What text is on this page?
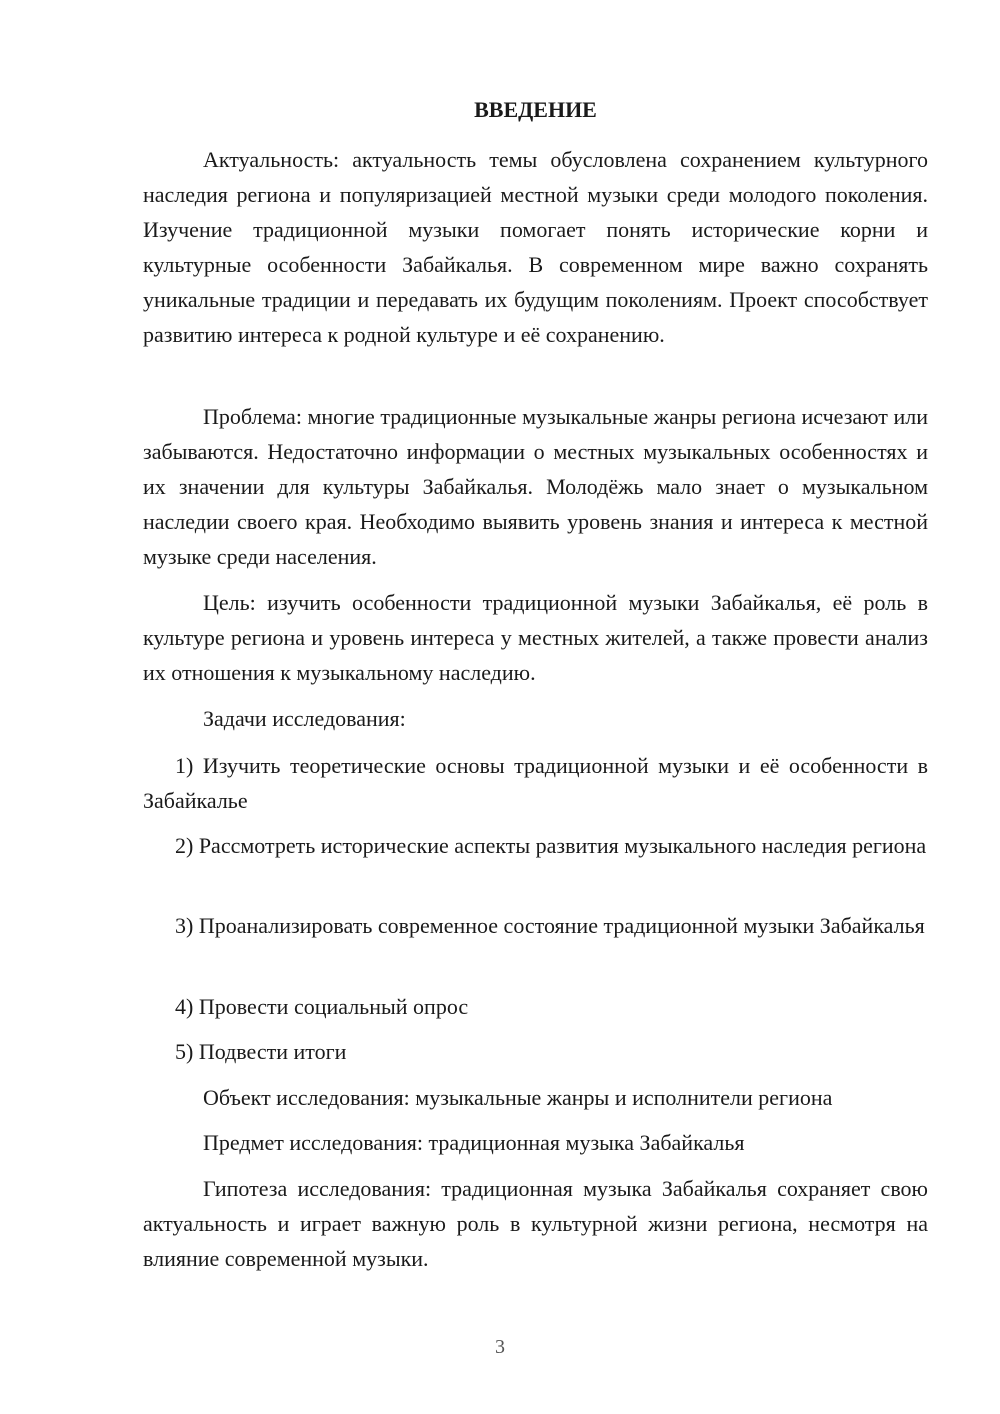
ВВЕДЕНИЕ

Актуальность: актуальность темы обусловлена сохранением культурного наследия региона и популяризацией местной музыки среди молодого поколения. Изучение традиционной музыки помогает понять исторические корни и культурные особенности Забайкалья. В современном мире важно сохранять уникальные традиции и передавать их будущим поколениям. Проект способствует развитию интереса к родной культуре и её сохранению.

Проблема: многие традиционные музыкальные жанры региона исчезают или забываются. Недостаточно информации о местных музыкальных особенностях и их значении для культуры Забайкалья. Молодёжь мало знает о музыкальном наследии своего края. Необходимо выявить уровень знания и интереса к местной музыке среди населения.

Цель: изучить особенности традиционной музыки Забайкалья, её роль в культуре региона и уровень интереса у местных жителей, а также провести анализ их отношения к музыкальному наследию.

Задачи исследования:

1) Изучить теоретические основы традиционной музыки и её особенности в Забайкалье

2) Рассмотреть исторические аспекты развития музыкального наследия региона

3) Проанализировать современное состояние традиционной музыки Забайкалья

4) Провести социальный опрос

5) Подвести итоги

Объект исследования: музыкальные жанры и исполнители региона

Предмет исследования: традиционная музыка Забайкалья

Гипотеза исследования: традиционная музыка Забайкалья сохраняет свою актуальность и играет важную роль в культурной жизни региона, несмотря на влияние современной музыки.

3
